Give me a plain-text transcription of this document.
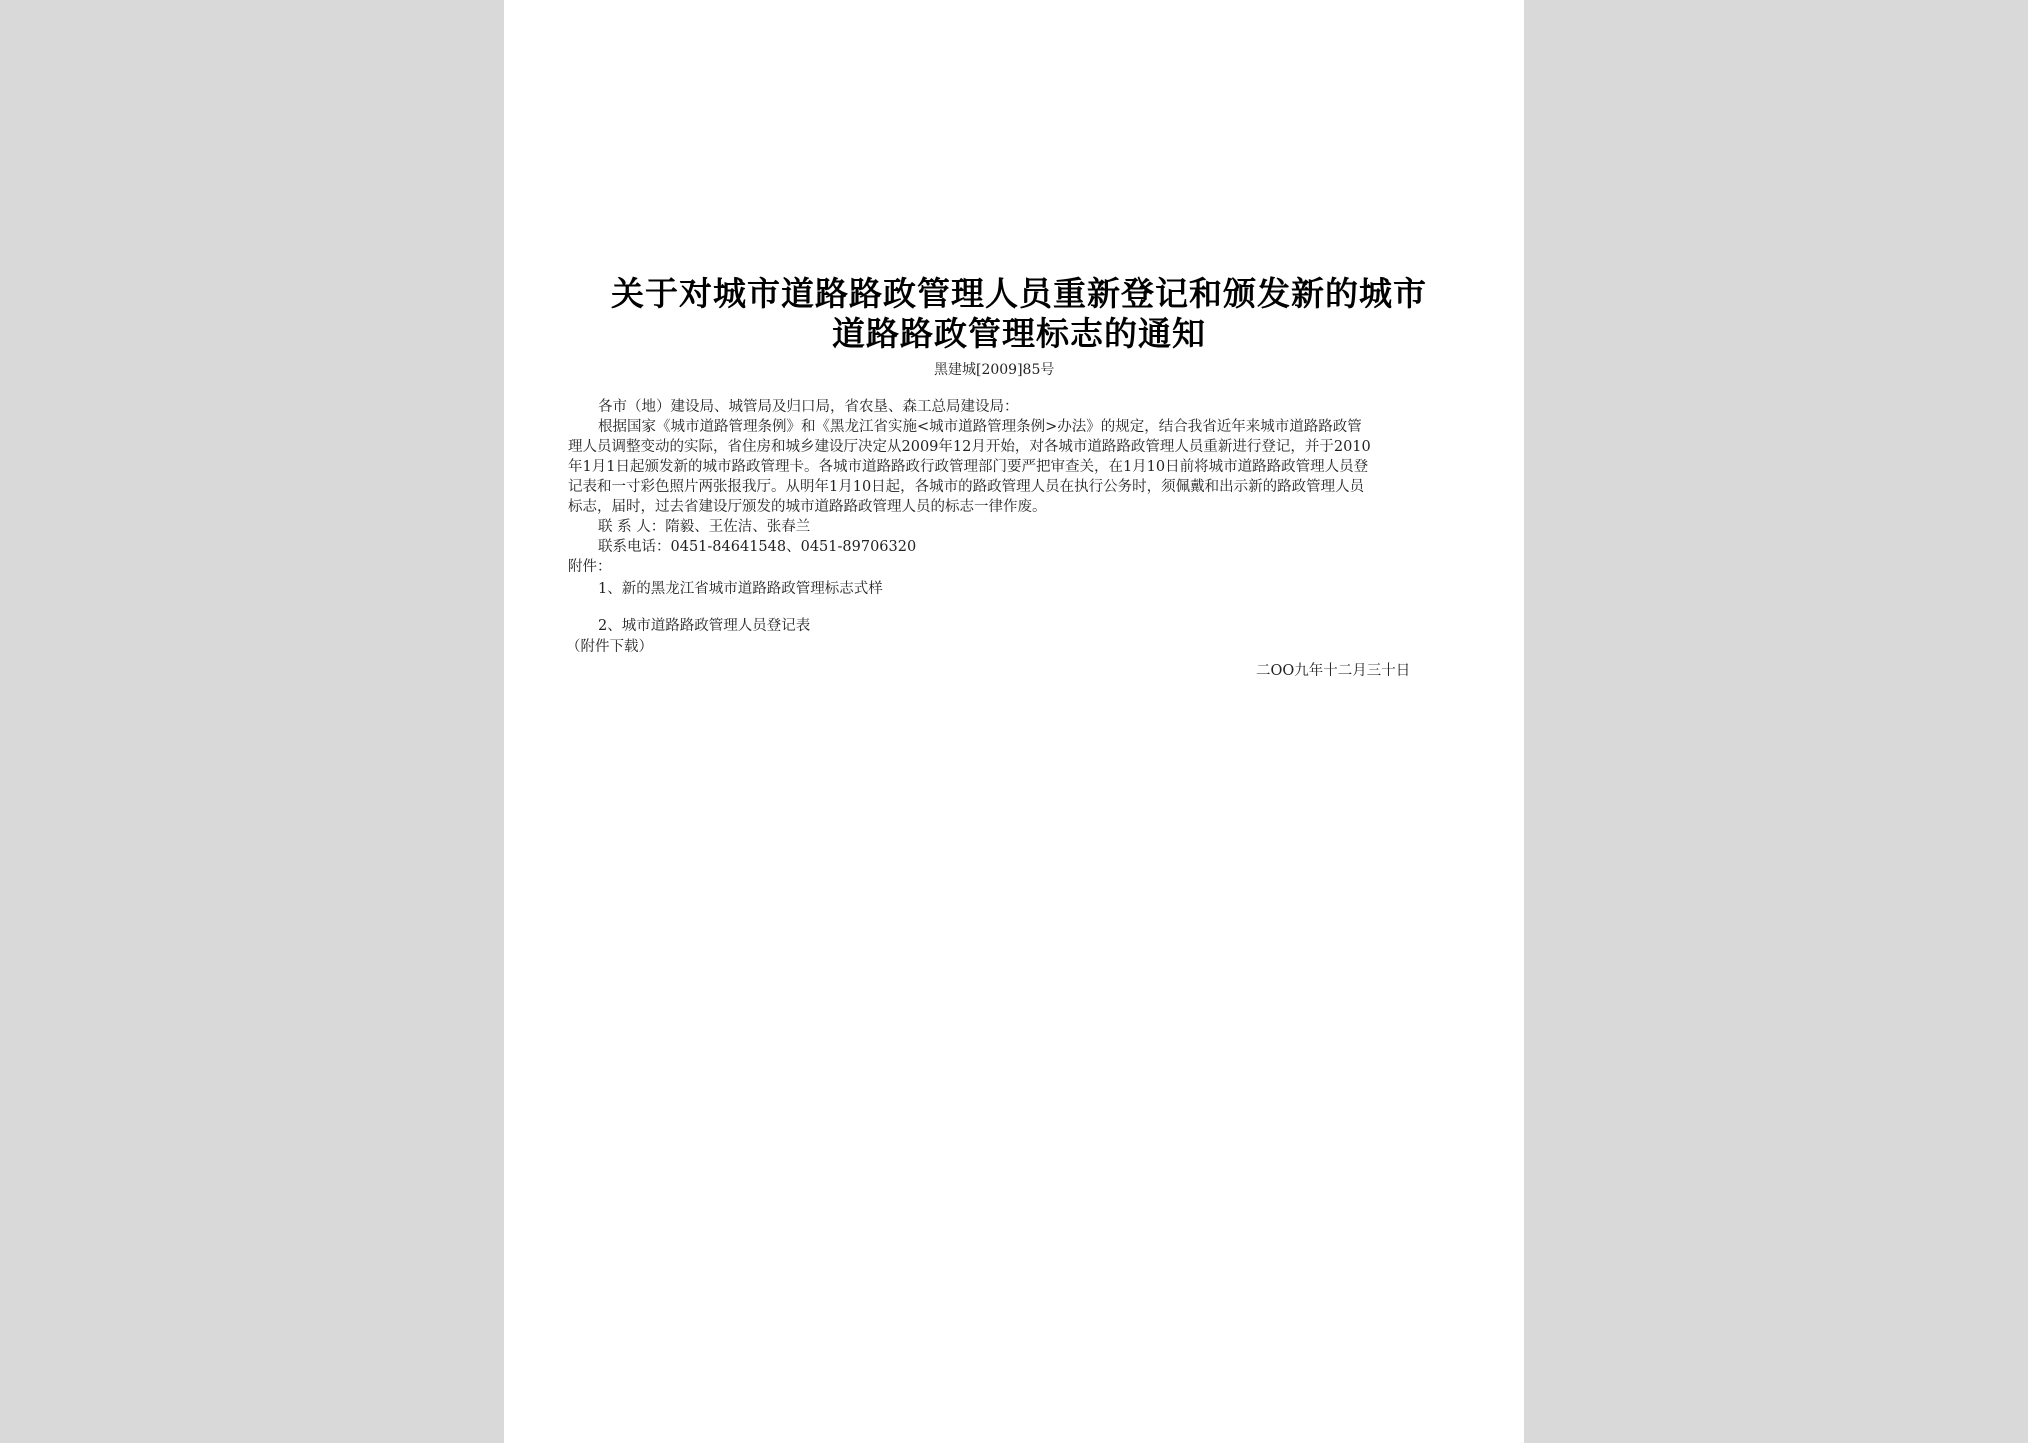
关于对城市道路路政管理人员重新登记和颁发新的城市
道路路政管理标志的通知
黑建城[2009]85号
各市（地）建设局、城管局及归口局，省农垦、森工总局建设局：
根据国家《城市道路管理条例》和《黑龙江省实施<城市道路管理条例>办法》的规定，结合我省近年来城市道路路政管
理人员调整变动的实际，省住房和城乡建设厅决定从2009年12月开始，对各城市道路路政管理人员重新进行登记，并于2010
年1月1日起颁发新的城市路政管理卡。各城市道路路政行政管理部门要严把审查关，在1月10日前将城市道路路政管理人员登
记表和一寸彩色照片两张报我厅。从明年1月10日起，各城市的路政管理人员在执行公务时，须佩戴和出示新的路政管理人员
标志，届时，过去省建设厅颁发的城市道路路政管理人员的标志一律作废。
联 系 人：隋毅、王佐洁、张春兰
联系电话：0451-84641548、0451-89706320
附件：
1、新的黑龙江省城市道路路政管理标志式样
2、城市道路路政管理人员登记表
（附件下载）
二OO九年十二月三十日
